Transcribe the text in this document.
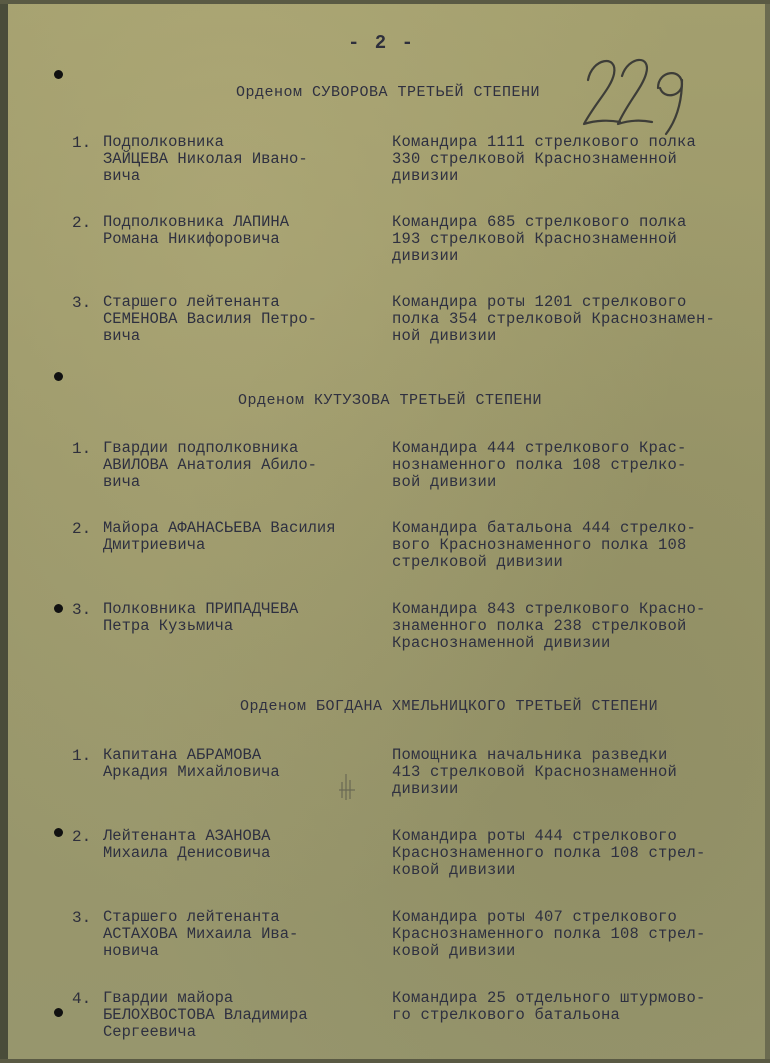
- 2 -
Орденом СУВОРОВА ТРЕТЬЕЙ СТЕПЕНИ
1. Подполковника
ЗАЙЦЕВА Николая Ивано-
вича
Командира 1111 стрелкового полка
330 стрелковой Краснознаменной
дивизии
2. Подполковника ЛАПИНА
Романа Никифоровича
Командира 685 стрелкового полка
193 стрелковой Краснознаменной
дивизии
3. Старшего лейтенанта
СЕМЕНОВА Василия Петро-
вича
Командира роты 1201 стрелкового
полка 354 стрелковой Краснознамен-
ной дивизии
Орденом КУТУЗОВА ТРЕТЬЕЙ СТЕПЕНИ
1. Гвардии подполковника
АВИЛОВА Анатолия Абило-
вича
Командира 444 стрелкового Крас-
нознаменного полка 108 стрелко-
вой дивизии
2. Майора АФАНАСЬЕВА Василия
Дмитриевича
Командира батальона 444 стрелко-
вого Краснознаменного полка 108
стрелковой дивизии
3. Полковника ПРИПАДЧЕВА
Петра Кузьмича
Командира 843 стрелкового Красно-
знаменного полка 238 стрелковой
Краснознаменной дивизии
Орденом БОГДАНА ХМЕЛЬНИЦКОГО ТРЕТЬЕЙ СТЕПЕНИ
1. Капитана АБРАМОВА
Аркадия Михайловича
Помощника начальника разведки
413 стрелковой Краснознаменной
дивизии
2. Лейтенанта АЗАНОВА
Михаила Денисовича
Командира роты 444 стрелкового
Краснознаменного полка 108 стрел-
ковой дивизии
3. Старшего лейтенанта
АСТАХОВА Михаила Ива-
новича
Командира роты 407 стрелкового
Краснознаменного полка 108 стрел-
ковой дивизии
4. Гвардии майора
БЕЛОХВОСТОВА Владимира
Сергеевича
Командира 25 отдельного штурмово-
го стрелкового батальона
